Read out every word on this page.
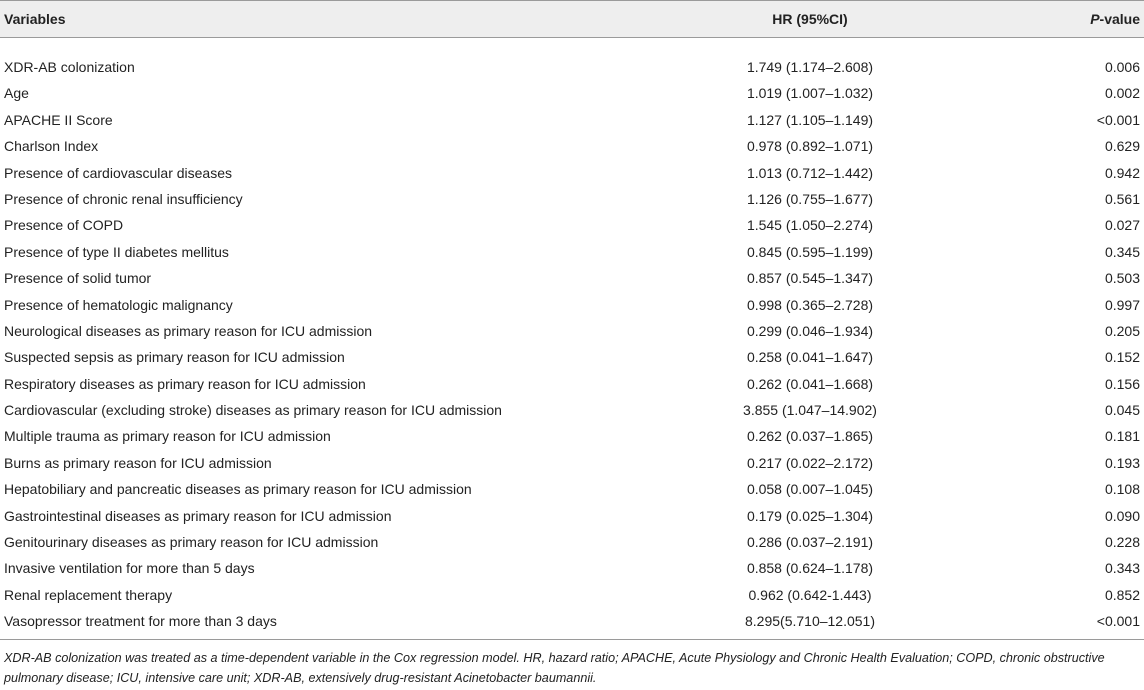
Variables	HR (95%CI)	P-value
XDR-AB colonization	1.749 (1.174–2.608)	0.006
Age	1.019 (1.007–1.032)	0.002
APACHE II Score	1.127 (1.105–1.149)	<0.001
Charlson Index	0.978 (0.892–1.071)	0.629
Presence of cardiovascular diseases	1.013 (0.712–1.442)	0.942
Presence of chronic renal insufficiency	1.126 (0.755–1.677)	0.561
Presence of COPD	1.545 (1.050–2.274)	0.027
Presence of type II diabetes mellitus	0.845 (0.595–1.199)	0.345
Presence of solid tumor	0.857 (0.545–1.347)	0.503
Presence of hematologic malignancy	0.998 (0.365–2.728)	0.997
Neurological diseases as primary reason for ICU admission	0.299 (0.046–1.934)	0.205
Suspected sepsis as primary reason for ICU admission	0.258 (0.041–1.647)	0.152
Respiratory diseases as primary reason for ICU admission	0.262 (0.041–1.668)	0.156
Cardiovascular (excluding stroke) diseases as primary reason for ICU admission	3.855 (1.047–14.902)	0.045
Multiple trauma as primary reason for ICU admission	0.262 (0.037–1.865)	0.181
Burns as primary reason for ICU admission	0.217 (0.022–2.172)	0.193
Hepatobiliary and pancreatic diseases as primary reason for ICU admission	0.058 (0.007–1.045)	0.108
Gastrointestinal diseases as primary reason for ICU admission	0.179 (0.025–1.304)	0.090
Genitourinary diseases as primary reason for ICU admission	0.286 (0.037–2.191)	0.228
Invasive ventilation for more than 5 days	0.858 (0.624–1.178)	0.343
Renal replacement therapy	0.962 (0.642-1.443)	0.852
Vasopressor treatment for more than 3 days	8.295(5.710–12.051)	<0.001
XDR-AB colonization was treated as a time-dependent variable in the Cox regression model. HR, hazard ratio; APACHE, Acute Physiology and Chronic Health Evaluation; COPD, chronic obstructive pulmonary disease; ICU, intensive care unit; XDR-AB, extensively drug-resistant Acinetobacter baumannii.
